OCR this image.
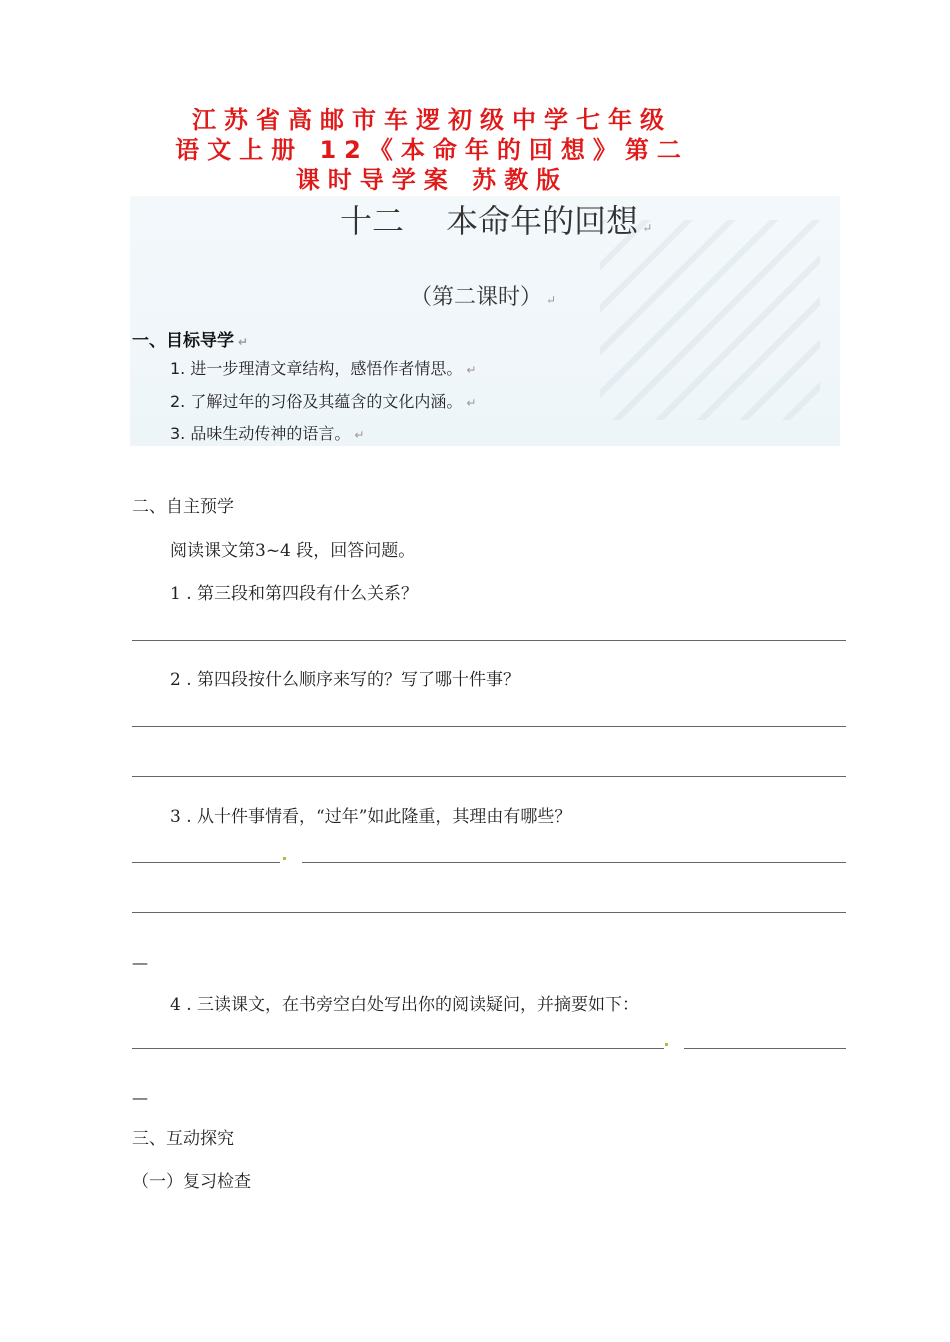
江苏省高邮市车逻初级中学七年级
语文上册 12《本命年的回想》第二
课时导学案 苏教版
十二　 本命年的回想 ↵
（第二课时） ↵
一、目标导学 ↵
1. 进一步理清文章结构，感悟作者情思。 ↵
2. 了解过年的习俗及其蕴含的文化内涵。 ↵
3. 品味生动传神的语言。 ↵
二、自主预学
阅读课文第3~4 段，回答问题。
1 . 第三段和第四段有什么关系？
2 . 第四段按什么顺序来写的？写了哪十件事？
3 . 从十件事情看，“过年”如此隆重，其理由有哪些？
—
4 . 三读课文，在书旁空白处写出你的阅读疑问，并摘要如下：
—
三、互动探究
（一）复习检查
